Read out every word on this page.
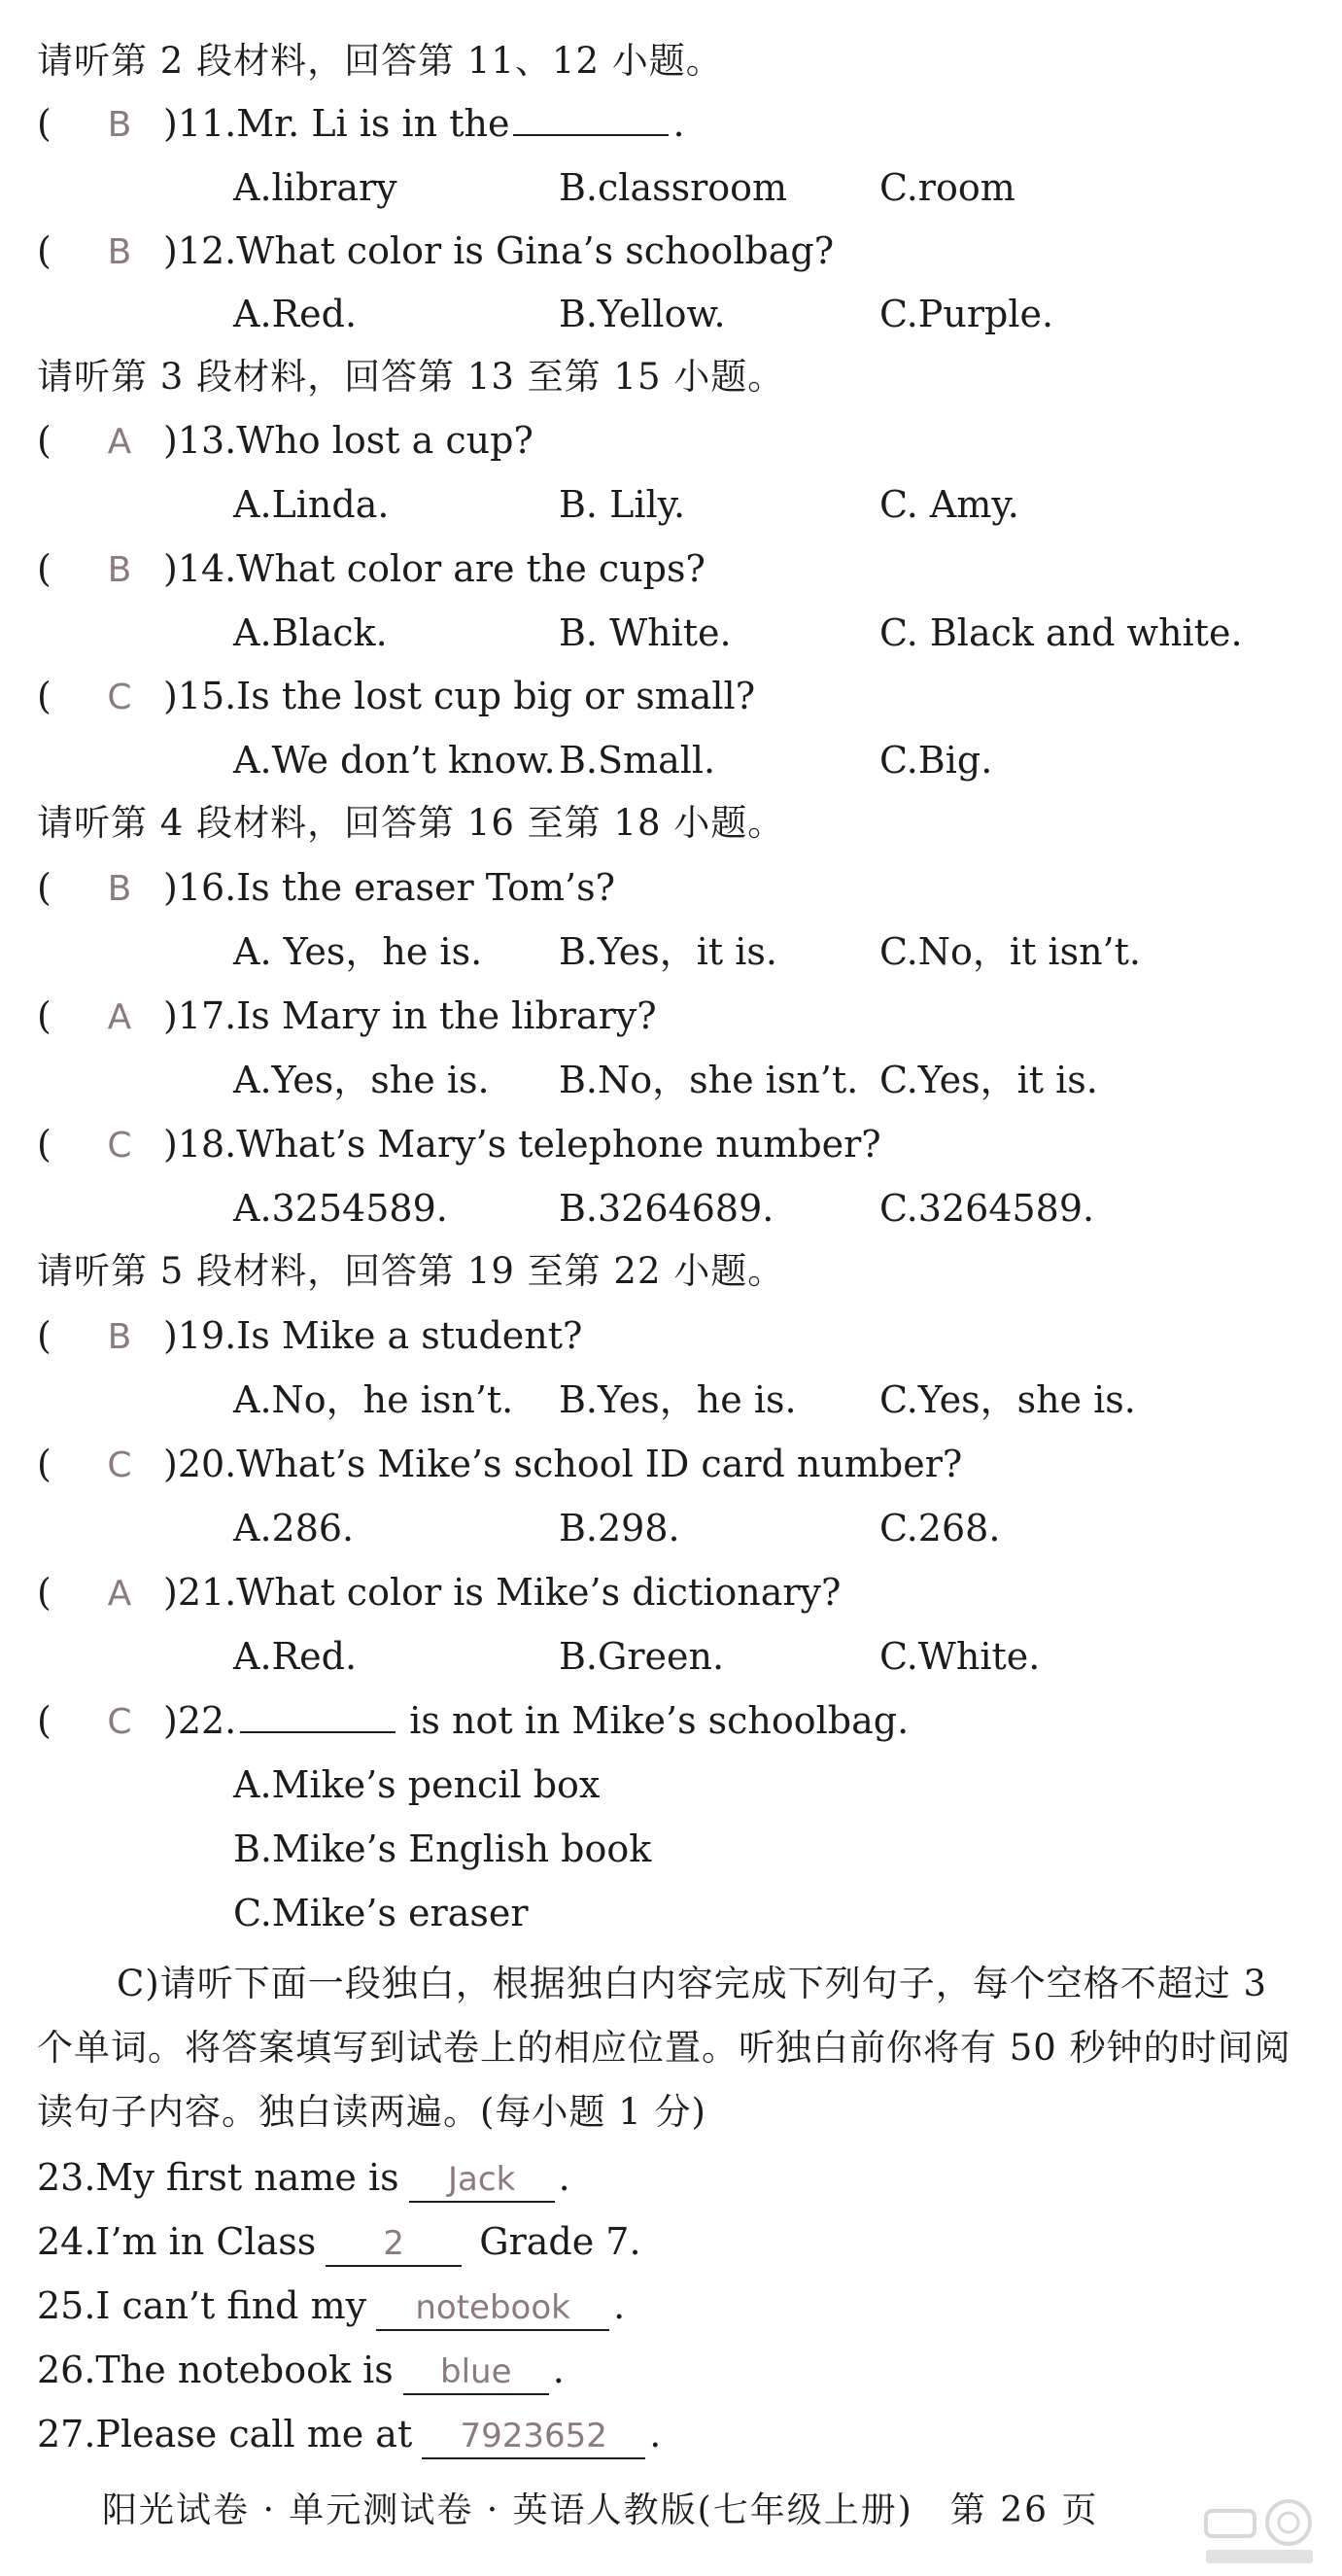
请听第 2 段材料，回答第 11、12 小题。
( B )11.Mr. Li is in the	.
A.library	B.classroom C.room
( B )12.What color is Gina’s schoolbag?
A.Red.	B.Yellow.	C.Purple.
请听第 3 段材料，回答第 13 至第 15 小题。
( A )13.Who lost a cup?
A.Linda.	B. Lily.	C. Amy.
( B )14.What color are the cups?
A.Black.	B. White.	C. Black and white.
( C )15.Is the lost cup big or small?
A.We don’t know. B.Small.	C.Big.
请听第 4 段材料，回答第 16 至第 18 小题。
( B )16.Is the eraser Tom’s?
A. Yes，he is. B.Yes，it is.	C.No，it isn’t.
( A )17.Is Mary in the library?
A.Yes，she is. B.No，she isn’t. C.Yes，it is.
( C )18.What’s Mary’s telephone number?
A.3254589.	B.3264689.	C.3264589.
请听第 5 段材料，回答第 19 至第 22 小题。
( B )19.Is Mike a student?
A.No，he isn’t. B.Yes，he is. C.Yes，she is.
( C )20.What’s Mike’s school ID card number?
A.286.	B.298.	C.268.
( A )21.What color is Mike’s dictionary?
A.Red.	B.Green.	C.White.
( C )22.	is not in Mike’s schoolbag.
A.Mike’s pencil box
B.Mike’s English book
C.Mike’s eraser
C)请听下面一段独白，根据独白内容完成下列句子，每个空格不超过 3 个单词。将答案填写到试卷上的相应位置。听独白前你将有 50 秒钟的时间阅读句子内容。独白读两遍。(每小题 1 分)
23.My first name is Jack .
24.I’m in Class 2 Grade 7.
25.I can’t find my notebook .
26.The notebook is blue .
27.Please call me at 7923652 .
阳光试卷 · 单元测试卷 · 英语人教版(七年级上册)　第 26 页
